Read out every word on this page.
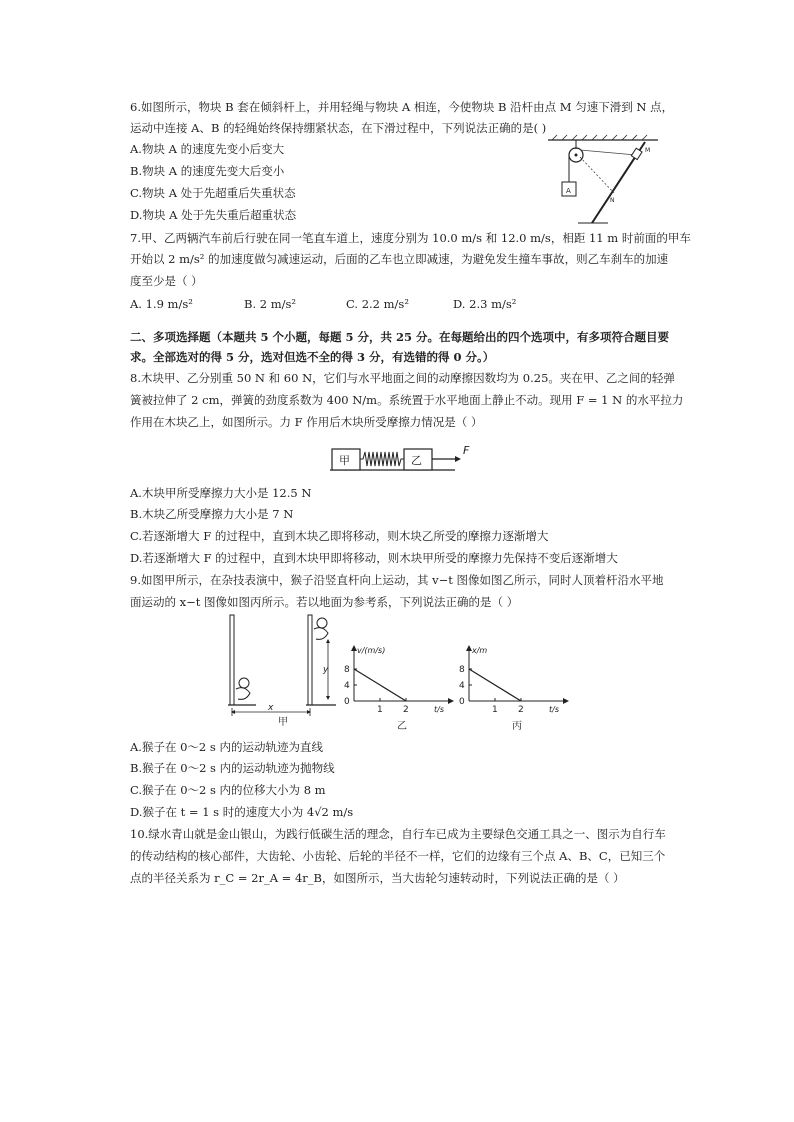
6.如图所示，物块 B 套在倾斜杆上，并用轻绳与物块 A 相连，今使物块 B 沿杆由点 M 匀速下滑到 N 点，
运动中连接 A、B 的轻绳始终保持绷紧状态，在下滑过程中，下列说法正确的是( )
A.物块 A 的速度先变小后变大
B.物块 A 的速度先变大后变小
C.物块 A 处于先超重后失重状态
D.物块 A 处于先失重后超重状态
A
M
N
7.甲、乙两辆汽车前后行驶在同一笔直车道上，速度分别为 10.0 m/s 和 12.0 m/s，相距 11 m 时前面的甲车
开始以 2 m/s² 的加速度做匀减速运动，后面的乙车也立即减速，为避免发生撞车事故，则乙车刹车的加速
度至少是（ ）
A. 1.9 m/s²	B. 2 m/s²	C. 2.2 m/s²	D. 2.3 m/s²
二、多项选择题（本题共 5 个小题，每题 5 分，共 25 分。在每题给出的四个选项中，有多项符合题目要
求。全部选对的得 5 分，选对但选不全的得 3 分，有选错的得 0 分。）
8.木块甲、乙分别重 50 N 和 60 N，它们与水平地面之间的动摩擦因数均为 0.25。夹在甲、乙之间的轻弹
簧被拉伸了 2 cm，弹簧的劲度系数为 400 N/m。系统置于水平地面上静止不动。现用 F = 1 N 的水平拉力
作用在木块乙上，如图所示。力 F 作用后木块所受摩擦力情况是（ ）
甲	乙
F
A.木块甲所受摩擦力大小是 12.5 N
B.木块乙所受摩擦力大小是 7 N
C.若逐渐增大 F 的过程中，直到木块乙即将移动，则木块乙所受的摩擦力逐渐增大
D.若逐渐增大 F 的过程中，直到木块甲即将移动，则木块甲所受的摩擦力先保持不变后逐渐增大
9.如图甲所示，在杂技表演中，猴子沿竖直杆向上运动，其 v−t 图像如图乙所示，同时人顶着杆沿水平地
面运动的 x−t 图像如图丙所示。若以地面为参考系，下列说法正确的是（ ）
y
x
甲
v/(m/s)
t/s
8
4
0
1 2
乙
x/m
t/s
8
4
0
1 2
丙
A.猴子在 0～2 s 内的运动轨迹为直线
B.猴子在 0～2 s 内的运动轨迹为抛物线
C.猴子在 0～2 s 内的位移大小为 8 m
D.猴子在 t = 1 s 时的速度大小为 4√2 m/s
10.绿水青山就是金山银山，为践行低碳生活的理念，自行车已成为主要绿色交通工具之一、图示为自行车
的传动结构的核心部件，大齿轮、小齿轮、后轮的半径不一样，它们的边缘有三个点 A、B、C，已知三个
点的半径关系为 r_C = 2r_A = 4r_B，如图所示，当大齿轮匀速转动时，下列说法正确的是（ ）
